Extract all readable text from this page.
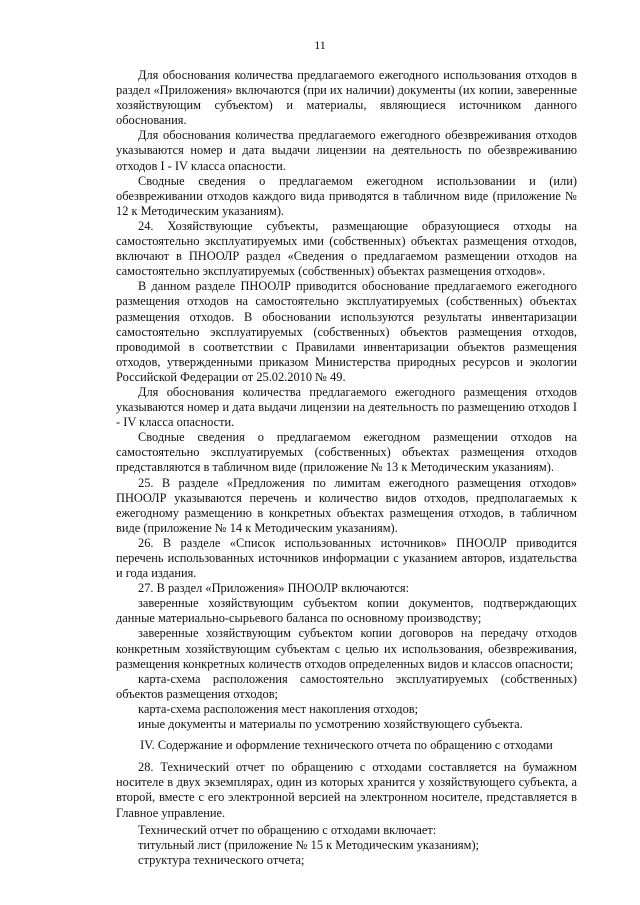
11

Для обоснования количества предлагаемого ежегодного использования отходов в раздел «Приложения» включаются (при их наличии) документы (их копии, заверенные хозяйствующим субъектом) и материалы, являющиеся источником данного обоснования.

Для обоснования количества предлагаемого ежегодного обезвреживания отходов указываются номер и дата выдачи лицензии на деятельность по обезвреживанию отходов I - IV класса опасности.

Сводные сведения о предлагаемом ежегодном использовании и (или) обезвреживании отходов каждого вида приводятся в табличном виде (приложение № 12 к Методическим указаниям).

24. Хозяйствующие субъекты, размещающие образующиеся отходы на самостоятельно эксплуатируемых ими (собственных) объектах размещения отходов, включают в ПНООЛР раздел «Сведения о предлагаемом размещении отходов на самостоятельно эксплуатируемых (собственных) объектах размещения отходов».

В данном разделе ПНООЛР приводится обоснование предлагаемого ежегодного размещения отходов на самостоятельно эксплуатируемых (собственных) объектах размещения отходов. В обосновании используются результаты инвентаризации самостоятельно эксплуатируемых (собственных) объектов размещения отходов, проводимой в соответствии с Правилами инвентаризации объектов размещения отходов, утвержденными приказом Министерства природных ресурсов и экологии Российской Федерации от 25.02.2010 № 49.

Для обоснования количества предлагаемого ежегодного размещения отходов указываются номер и дата выдачи лицензии на деятельность по размещению отходов I - IV класса опасности.

Сводные сведения о предлагаемом ежегодном размещении отходов на самостоятельно эксплуатируемых (собственных) объектах размещения отходов представляются в табличном виде (приложение № 13 к Методическим указаниям).

25. В разделе «Предложения по лимитам ежегодного размещения отходов» ПНООЛР указываются перечень и количество видов отходов, предполагаемых к ежегодному размещению в конкретных объектах размещения отходов, в табличном виде (приложение № 14 к Методическим указаниям).

26. В разделе «Список использованных источников» ПНООЛР приводится перечень использованных источников информации с указанием авторов, издательства и года издания.

27. В раздел «Приложения» ПНООЛР включаются:

заверенные хозяйствующим субъектом копии документов, подтверждающих данные материально-сырьевого баланса по основному производству;

заверенные хозяйствующим субъектом копии договоров на передачу отходов конкретным хозяйствующим субъектам с целью их использования, обезвреживания, размещения конкретных количеств отходов определенных видов и классов опасности;

карта-схема расположения самостоятельно эксплуатируемых (собственных) объектов размещения отходов;

карта-схема расположения мест накопления отходов;

иные документы и материалы по усмотрению хозяйствующего субъекта.

IV. Содержание и оформление технического отчета по обращению с отходами

28. Технический отчет по обращению с отходами составляется на бумажном носителе в двух экземплярах, один из которых хранится у хозяйствующего субъекта, а второй, вместе с его электронной версией на электронном носителе, представляется в Главное управление.

Технический отчет по обращению с отходами включает:

титульный лист (приложение № 15 к Методическим указаниям);

структура технического отчета;
